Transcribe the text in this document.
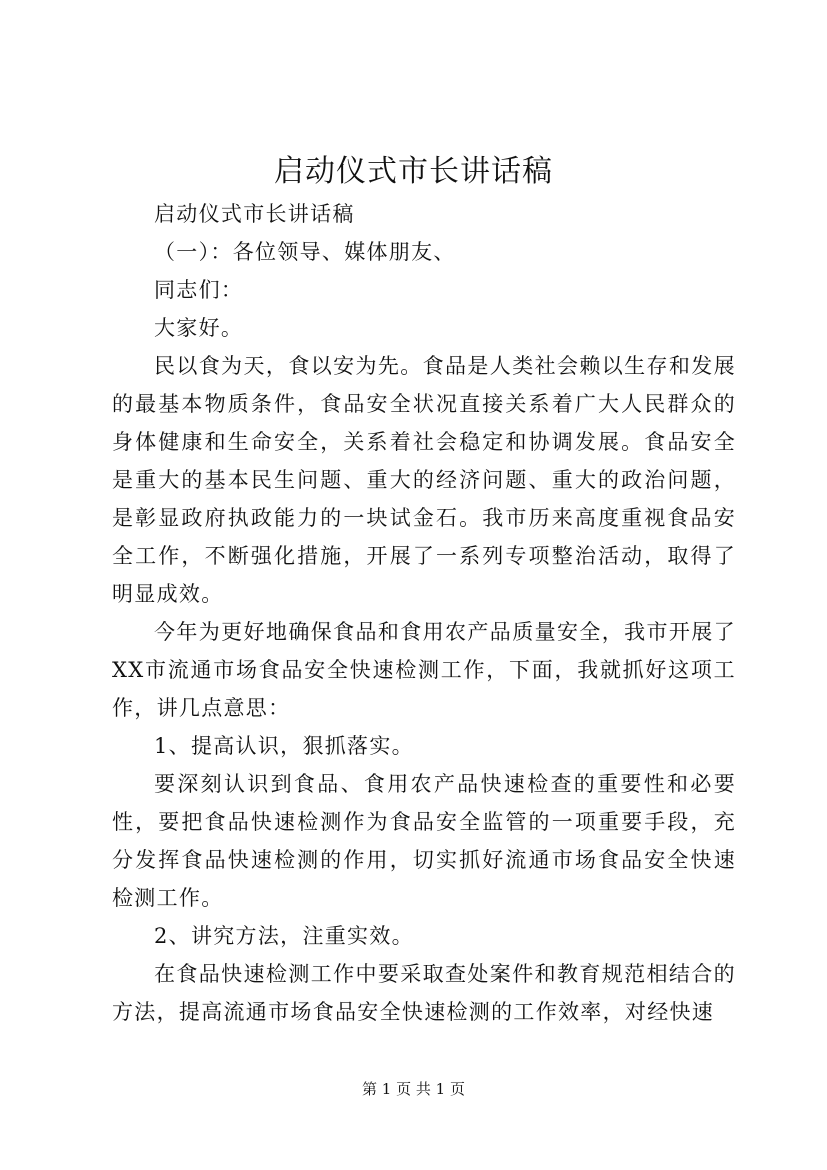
启动仪式市长讲话稿

启动仪式市长讲话稿

（一）：各位领导、媒体朋友、

同志们：

大家好。

民以食为天，食以安为先。食品是人类社会赖以生存和发展的最基本物质条件，食品安全状况直接关系着广大人民群众的身体健康和生命安全，关系着社会稳定和协调发展。食品安全是重大的基本民生问题、重大的经济问题、重大的政治问题，是彰显政府执政能力的一块试金石。我市历来高度重视食品安全工作，不断强化措施，开展了一系列专项整治活动，取得了明显成效。

今年为更好地确保食品和食用农产品质量安全，我市开展了XX市流通市场食品安全快速检测工作，下面，我就抓好这项工作，讲几点意思：

1、提高认识，狠抓落实。

要深刻认识到食品、食用农产品快速检查的重要性和必要性，要把食品快速检测作为食品安全监管的一项重要手段，充分发挥食品快速检测的作用，切实抓好流通市场食品安全快速检测工作。

2、讲究方法，注重实效。

在食品快速检测工作中要采取查处案件和教育规范相结合的方法，提高流通市场食品安全快速检测的工作效率，对经快速

第 1 页 共 1 页
